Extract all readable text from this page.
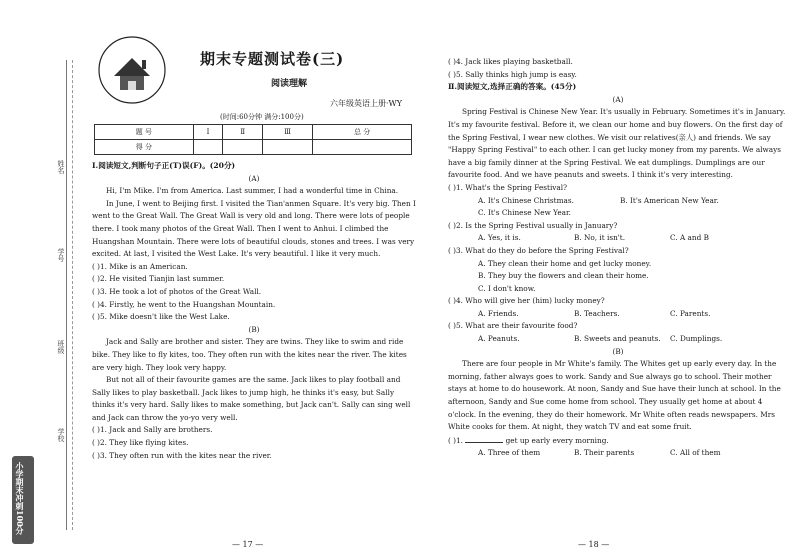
姓名
学号
班级
学校
小学期末冲刺100分
期末专题测试卷(三)
阅读理解
六年级英语上册·WY
(时间:60分钟 满分:100分)
题 号	Ⅰ	Ⅱ	Ⅲ	总 分
得 分				

Ⅰ.阅读短文,判断句子正(T)误(F)。(20分)

(A)

Hi, I'm Mike. I'm from America. Last summer, I had a wonderful time in China.

In June, I went to Beijing first. I visited the Tian'anmen Square. It's very big. Then I went to the Great Wall. The Great Wall is very old and long. There were lots of people there. I took many photos of the Great Wall. Then I went to Anhui. I climbed the Huangshan Mountain. There were lots of beautiful clouds, stones and trees. I was very excited. At last, I visited the West Lake. It's very beautiful. I like it very much.

( )1. Mike is an American.

( )2. He visited Tianjin last summer.

( )3. He took a lot of photos of the Great Wall.

( )4. Firstly, he went to the Huangshan Mountain.

( )5. Mike doesn't like the West Lake.

(B)

Jack and Sally are brother and sister. They are twins. They like to swim and ride bike. They like to fly kites, too. They often run with the kites near the river. The kites are very high. They look very happy.

But not all of their favourite games are the same. Jack likes to play football and Sally likes to play basketball. Jack likes to jump high, he thinks it's easy, but Sally thinks it's very hard. Sally likes to make something, but Jack can't. Sally can sing well and Jack can throw the yo-yo very well.

( )1. Jack and Sally are brothers.

( )2. They like flying kites.

( )3. They often run with the kites near the river.

— 17 —

( )4. Jack likes playing basketball.

( )5. Sally thinks high jump is easy.

Ⅱ.阅读短文,选择正确的答案。(45分)

(A)

Spring Festival is Chinese New Year. It's usually in February. Sometimes it's in January. It's my favourite festival. Before it, we clean our home and buy flowers. On the first day of the Spring Festival, I wear new clothes. We visit our relatives(亲人) and friends. We say "Happy Spring Festival" to each other. I can get lucky money from my parents. We always have a big family dinner at the Spring Festival. We eat dumplings. Dumplings are our favourite food. And we have peanuts and sweets. I think it's very interesting.

( )1. What's the Spring Festival?

A. It's Chinese Christmas.	B. It's American New Year.
C. It's Chinese New Year.

( )2. Is the Spring Festival usually in January?

A. Yes, it is.	B. No, it isn't.	C. A and B

( )3. What do they do before the Spring Festival?

A. They clean their home and get lucky money.

B. They buy the flowers and clean their home.

C. I don't know.

( )4. Who will give her (him) lucky money?

A. Friends.	B. Teachers.	C. Parents.

( )5. What are their favourite food?

A. Peanuts.	B. Sweets and peanuts.	C. Dumplings.

(B)

There are four people in Mr White's family. The Whites get up early every day. In the morning, father always goes to work. Sandy and Sue always go to school. Their mother stays at home to do housework. At noon, Sandy and Sue have their lunch at school. In the afternoon, Sandy and Sue come home from school. They usually get home at about 4 o'clock. In the evening, they do their homework. Mr White often reads newspapers. Mrs White cooks for them. At night, they watch TV and eat some fruit.

( )1.	get up early every morning.

A. Three of them	B. Their parents	C. All of them
— 18 —
